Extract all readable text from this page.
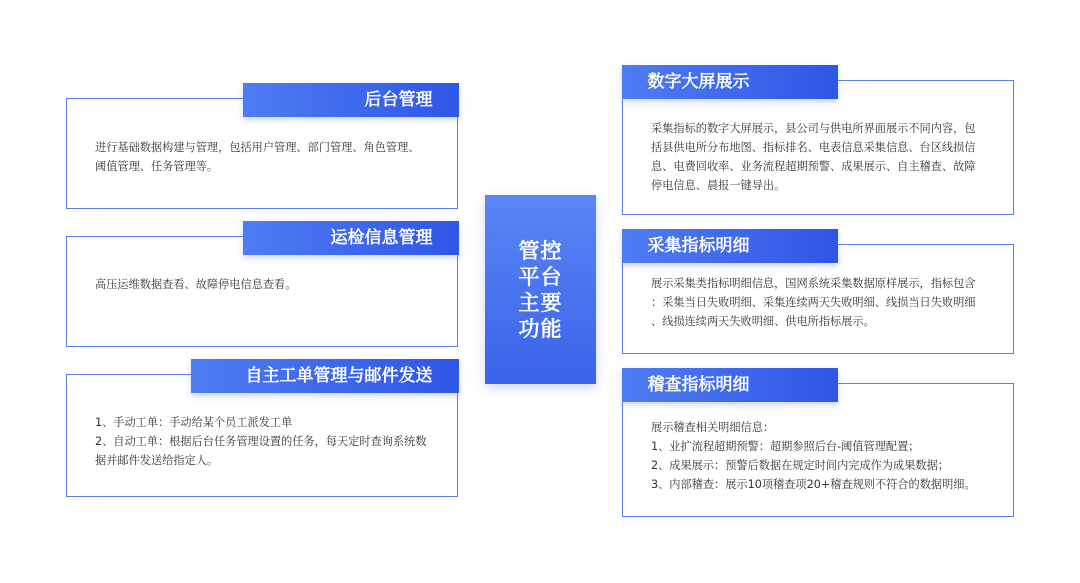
后台管理
进行基础数据构建与管理，包括用户管理、部门管理、角色管理、
阈值管理、任务管理等。
运检信息管理
高压运维数据查看、故障停电信息查看。
自主工单管理与邮件发送
1、手动工单：手动给某个员工派发工单
2、自动工单：根据后台任务管理设置的任务，每天定时查询系统数
据并邮件发送给指定人。
管控
平台
主要
功能
数字大屏展示
采集指标的数字大屏展示，县公司与供电所界面展示不同内容，包
括县供电所分布地图、指标排名、电表信息采集信息、台区线损信
息、电费回收率、业务流程超期预警、成果展示、自主稽查、故障
停电信息、晨报一键导出。
采集指标明细
展示采集类指标明细信息，国网系统采集数据原样展示，指标包含
：采集当日失败明细、采集连续两天失败明细、线损当日失败明细
、线损连续两天失败明细、供电所指标展示。
稽查指标明细
展示稽查相关明细信息：
1、业扩流程超期预警：超期参照后台-阈值管理配置；
2、成果展示：预警后数据在规定时间内完成作为成果数据；
3、内部稽查：展示10项稽查项20+稽查规则不符合的数据明细。
